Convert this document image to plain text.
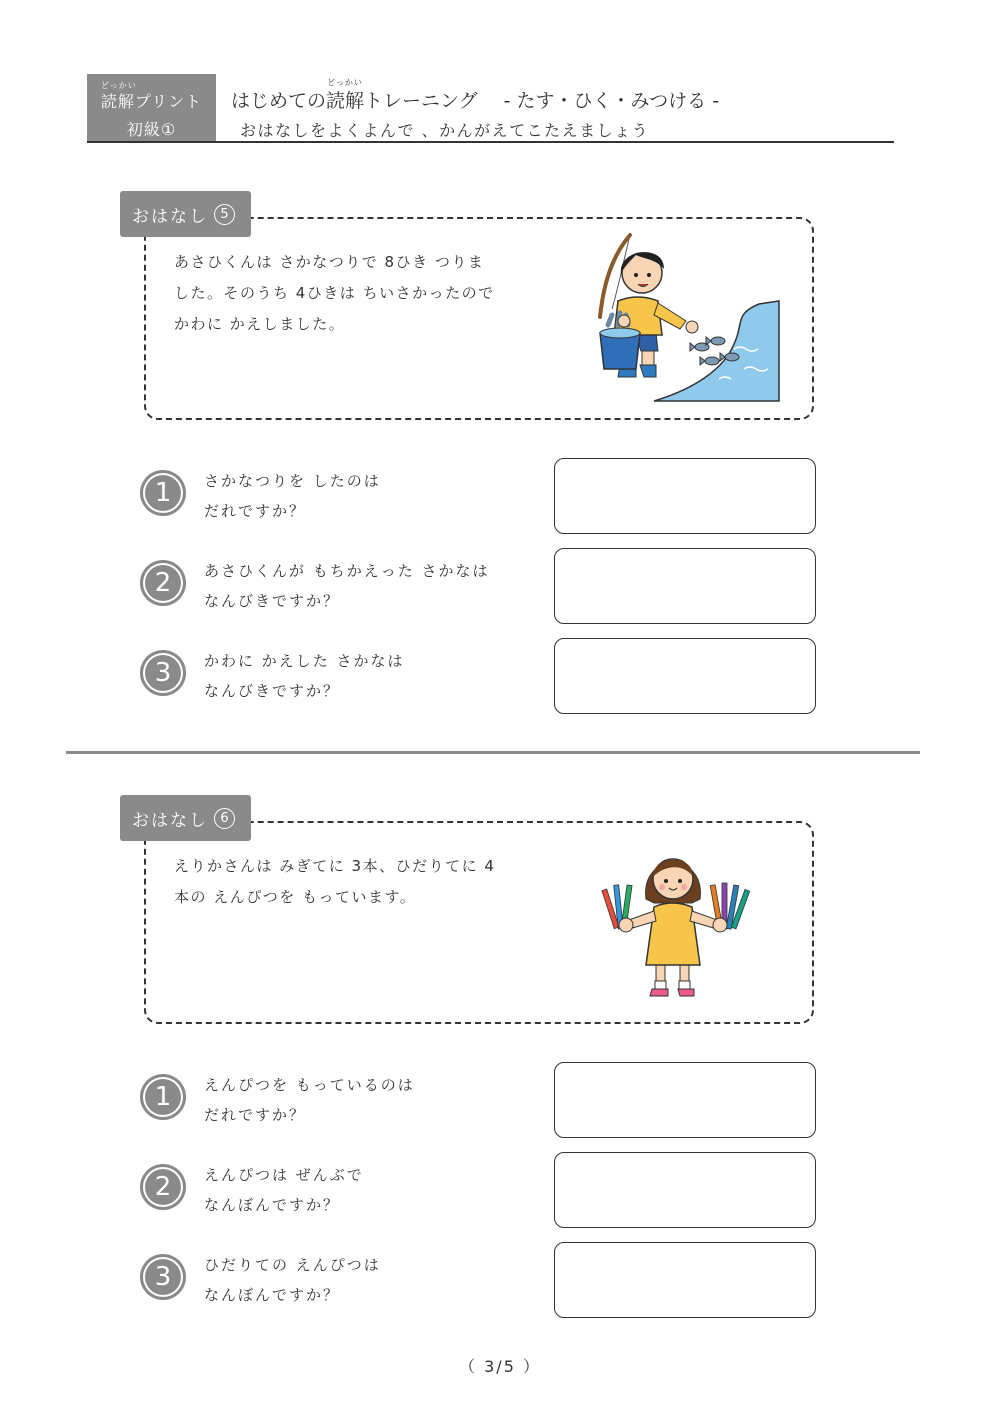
どっかい
読解プリント
初級①
はじめての
どっかい
読解トレーニング - たす・ひく・みつける -
おはなしをよくよんで 、かんがえてこたえましょう
おはなし 5
あさひくんは さかなつりで 8ひき つりま
した。そのうち 4ひきは ちいさかったので
かわに かえしました。
1	さかなつりを したのは
だれですか？
2	あさひくんが もちかえった さかなは
なんびきですか？
3	かわに かえした さかなは
なんびきですか？
おはなし 6
えりかさんは みぎてに 3本、ひだりてに 4
本の えんぴつを もっています。
1	えんぴつを もっているのは
だれですか？
2	えんぴつは ぜんぶで
なんぼんですか？
3	ひだりての えんぴつは
なんぼんですか？
（ 3/5 ）
